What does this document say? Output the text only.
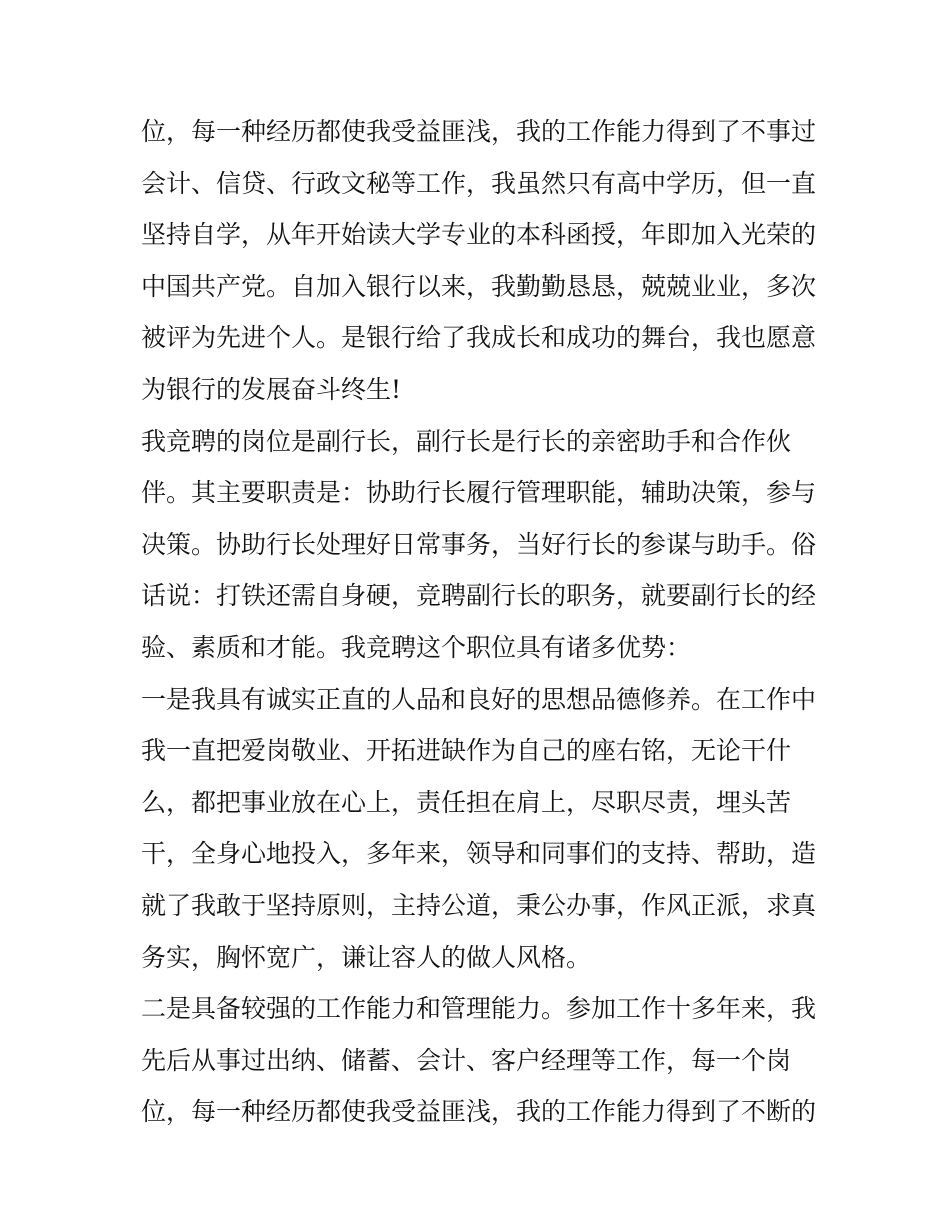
位，每一种经历都使我受益匪浅，我的工作能力得到了不事过
会计、信贷、行政文秘等工作，我虽然只有高中学历，但一直
坚持自学，从年开始读大学专业的本科函授，年即加入光荣的
中国共产党。自加入银行以来，我勤勤恳恳，兢兢业业，多次
被评为先进个人。是银行给了我成长和成功的舞台，我也愿意
为银行的发展奋斗终生!
我竞聘的岗位是副行长，副行长是行长的亲密助手和合作伙
伴。其主要职责是：协助行长履行管理职能，辅助决策，参与
决策。协助行长处理好日常事务，当好行长的参谋与助手。俗
话说：打铁还需自身硬，竞聘副行长的职务，就要副行长的经
验、素质和才能。我竞聘这个职位具有诸多优势：
一是我具有诚实正直的人品和良好的思想品德修养。在工作中
我一直把爱岗敬业、开拓进缺作为自己的座右铭，无论干什
么，都把事业放在心上，责任担在肩上，尽职尽责，埋头苦
干，全身心地投入，多年来，领导和同事们的支持、帮助，造
就了我敢于坚持原则，主持公道，秉公办事，作风正派，求真
务实，胸怀宽广，谦让容人的做人风格。
二是具备较强的工作能力和管理能力。参加工作十多年来，我
先后从事过出纳、储蓄、会计、客户经理等工作，每一个岗
位，每一种经历都使我受益匪浅，我的工作能力得到了不断的
